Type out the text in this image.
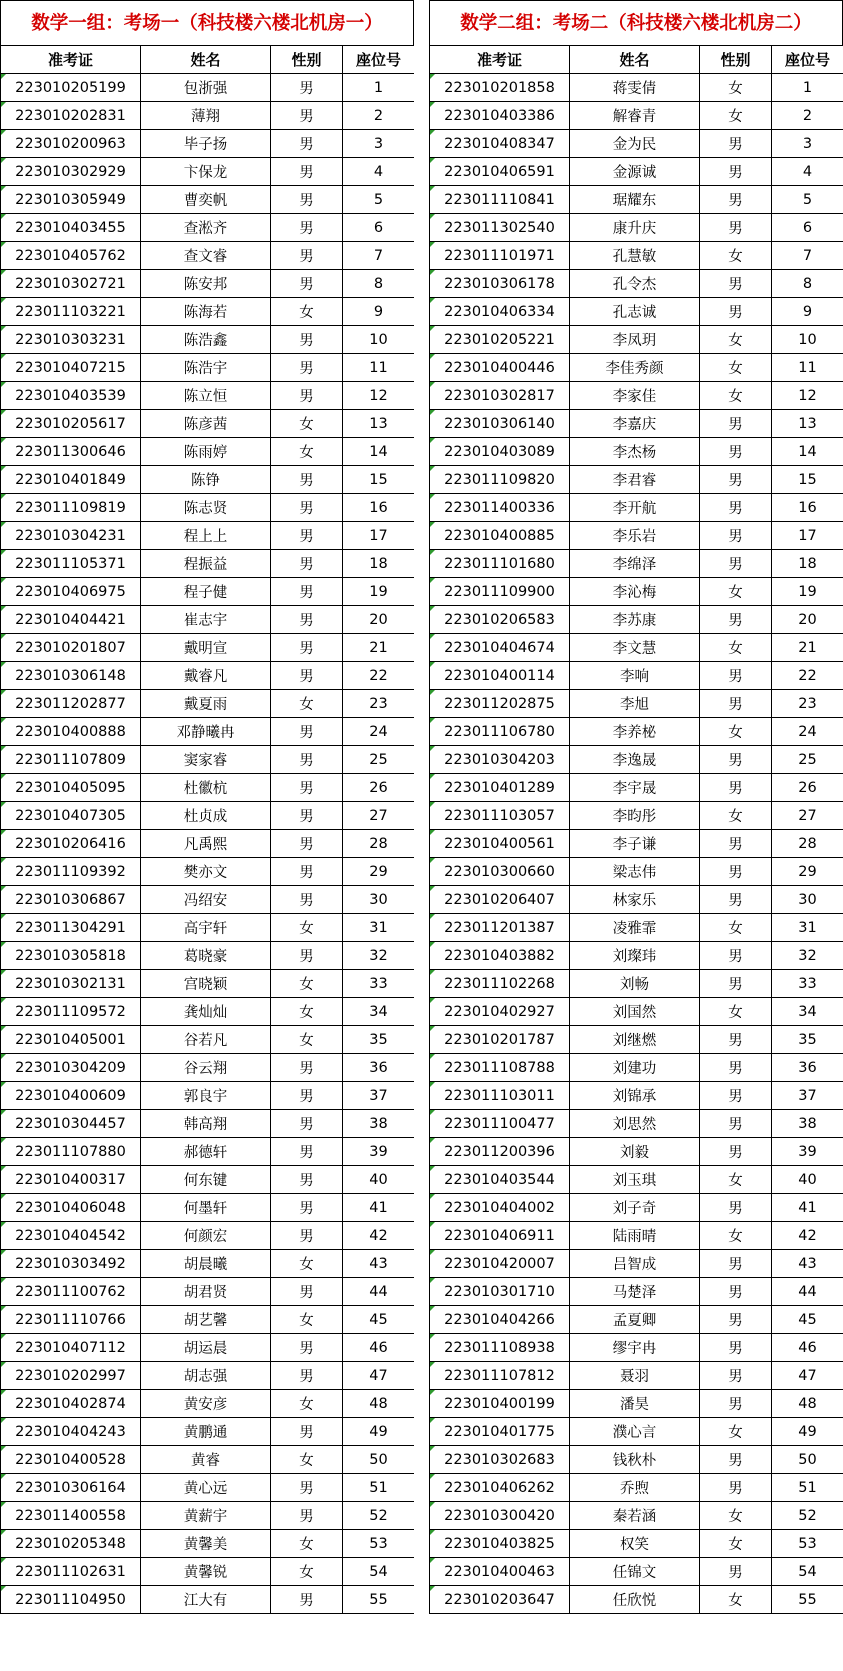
数学一组：考场一（科技楼六楼北机房一）
准考证	姓名	性别	座位号
223010205199	包浙强	男	1
223010202831	薄翔	男	2
223010200963	毕子扬	男	3
223010302929	卞保龙	男	4
223010305949	曹奕帆	男	5
223010403455	查淞齐	男	6
223010405762	查文睿	男	7
223010302721	陈安邦	男	8
223011103221	陈海若	女	9
223010303231	陈浩鑫	男	10
223010407215	陈浩宇	男	11
223010403539	陈立恒	男	12
223010205617	陈彦茜	女	13
223011300646	陈雨婷	女	14
223010401849	陈铮	男	15
223011109819	陈志贤	男	16
223010304231	程上上	男	17
223011105371	程振益	男	18
223010406975	程子健	男	19
223010404421	崔志宇	男	20
223010201807	戴明宣	男	21
223010306148	戴睿凡	男	22
223011202877	戴夏雨	女	23
223010400888	邓静曦冉	男	24
223011107809	窦家睿	男	25
223010405095	杜徽杭	男	26
223010407305	杜贞成	男	27
223010206416	凡禹熙	男	28
223011109392	樊亦文	男	29
223010306867	冯绍安	男	30
223011304291	高宇轩	女	31
223010305818	葛晓豪	男	32
223010302131	宫晓颖	女	33
223011109572	龚灿灿	女	34
223010405001	谷若凡	女	35
223010304209	谷云翔	男	36
223010400609	郭良宇	男	37
223010304457	韩高翔	男	38
223011107880	郝德轩	男	39
223010400317	何东键	男	40
223010406048	何墨轩	男	41
223010404542	何颜宏	男	42
223010303492	胡晨曦	女	43
223011100762	胡君贤	男	44
223011110766	胡艺馨	女	45
223010407112	胡运晨	男	46
223010202997	胡志强	男	47
223010402874	黄安彦	女	48
223010404243	黄鹏通	男	49
223010400528	黄睿	女	50
223010306164	黄心远	男	51
223011400558	黄薪宇	男	52
223010205348	黄馨美	女	53
223011102631	黄馨锐	女	54
223011104950	江大有	男	55
数学二组：考场二（科技楼六楼北机房二）
准考证	姓名	性别	座位号
223010201858	蒋雯倩	女	1
223010403386	解睿青	女	2
223010408347	金为民	男	3
223010406591	金源诚	男	4
223011110841	琚耀东	男	5
223011302540	康升庆	男	6
223011101971	孔慧敏	女	7
223010306178	孔令杰	男	8
223010406334	孔志诚	男	9
223010205221	李凤玥	女	10
223010400446	李佳秀颜	女	11
223010302817	李家佳	女	12
223010306140	李嘉庆	男	13
223010403089	李杰杨	男	14
223011109820	李君睿	男	15
223011400336	李开航	男	16
223010400885	李乐岩	男	17
223011101680	李绵泽	男	18
223011109900	李沁梅	女	19
223010206583	李苏康	男	20
223010404674	李文慧	女	21
223010400114	李响	男	22
223011202875	李旭	男	23
223011106780	李养柲	女	24
223010304203	李逸晟	男	25
223010401289	李宇晟	男	26
223011103057	李昀彤	女	27
223010400561	李子谦	男	28
223010300660	梁志伟	男	29
223010206407	林家乐	男	30
223011201387	凌雅霏	女	31
223010403882	刘璨玮	男	32
223011102268	刘畅	男	33
223010402927	刘国然	女	34
223010201787	刘继燃	男	35
223011108788	刘建功	男	36
223011103011	刘锦承	男	37
223011100477	刘思然	男	38
223011200396	刘毅	男	39
223010403544	刘玉琪	女	40
223010404002	刘子奇	男	41
223010406911	陆雨晴	女	42
223010420007	吕智成	男	43
223010301710	马楚泽	男	44
223010404266	孟夏卿	男	45
223011108938	缪宇冉	男	46
223011107812	聂羽	男	47
223010400199	潘昊	男	48
223010401775	濮心言	女	49
223010302683	钱秋朴	男	50
223010406262	乔煦	男	51
223010300420	秦若涵	女	52
223010403825	权笑	女	53
223010400463	任锦文	男	54
223010203647	任欣悦	女	55
